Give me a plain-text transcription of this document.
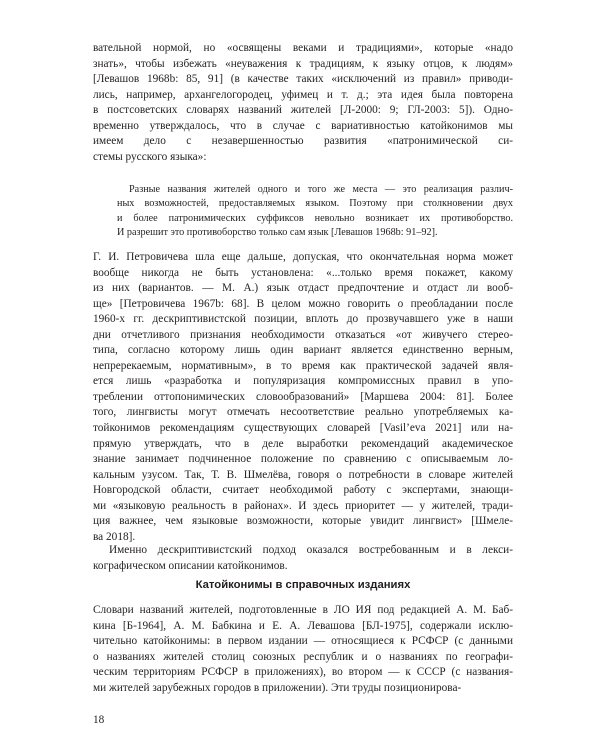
вательной нормой, но «освящены веками и традициями», которые «надо
знать», чтобы избежать «неуважения к традициям, к языку отцов, к людям»
[Левашов 1968b: 85, 91] (в качестве таких «исключений из правил» приводи-
лись, например, архангелогородец, уфимец и т. д.; эта идея была повторена
в постсоветских словарях названий жителей [Л-2000: 9; ГЛ-2003: 5]). Одно-
временно утверждалось, что в случае с вариативностью катойконимов мы
имеем дело с незавершенностью развития «патронимической си-
стемы русского языка»:
Разные названия жителей одного и того же места — это реализация различ-
ных возможностей, предоставляемых языком. Поэтому при столкновении двух
и более патронимических суффиксов невольно возникает их противоборство.
И разрешит это противоборство только сам язык [Левашов 1968b: 91–92].
Г. И. Петровичева шла еще дальше, допуская, что окончательная норма может
вообще никогда не быть установлена: «...только время покажет, какому
из них (вариантов. — М. А.) язык отдаст предпочтение и отдаст ли вооб-
ще» [Петровичева 1967b: 68]. В целом можно говорить о преобладании после
1960-х гг. дескриптивистской позиции, вплоть до прозвучавшего уже в наши
дни отчетливого признания необходимости отказаться «от живучего стерео-
типа, согласно которому лишь один вариант является единственно верным,
непререкаемым, нормативным», в то время как практической задачей явля-
ется лишь «разработка и популяризация компромиссных правил в упо-
треблении оттопонимических словообразований» [Маршева 2004: 81]. Более
того, лингвисты могут отмечать несоответствие реально употребляемых ка-
тойконимов рекомендациям существующих словарей [Vasil’eva 2021] или на-
прямую утверждать, что в деле выработки рекомендаций академическое
знание занимает подчиненное положение по сравнению с описываемым ло-
кальным узусом. Так, Т. В. Шмелёва, говоря о потребности в словаре жителей
Новгородской области, считает необходимой работу с экспертами, знающи-
ми «языковую реальность в районах». И здесь приоритет — у жителей, тради-
ция важнее, чем языковые возможности, которые увидит лингвист» [Шмеле-
ва 2018].
Именно дескриптивистский подход оказался востребованным и в лекси-
кографическом описании катойконимов.
Катойконимы в справочных изданиях
Словари названий жителей, подготовленные в ЛО ИЯ под редакцией А. М. Баб-
кина [Б-1964], А. М. Бабкина и Е. А. Левашова [БЛ-1975], содержали исклю-
чительно катойконимы: в первом издании — относящиеся к РСФСР (с данными
о названиях жителей столиц союзных республик и о названиях по географи-
ческим территориям РСФСР в приложениях), во втором — к СССР (с названия-
ми жителей зарубежных городов в приложении). Эти труды позиционирова-
18
